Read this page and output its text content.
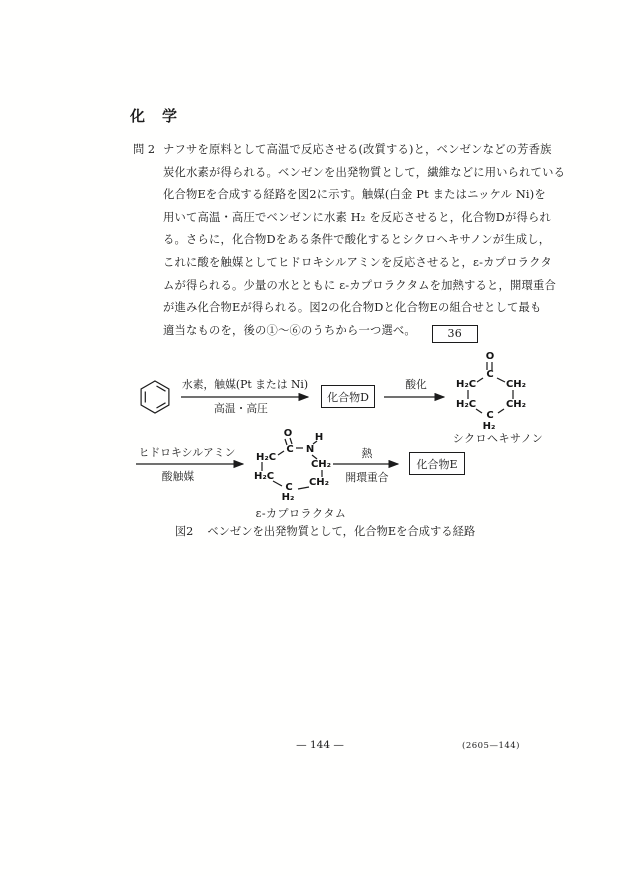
化　学
問 2 ナフサを原料として高温で反応させる(改質する)と，ベンゼンなどの芳香族
炭化水素が得られる。ベンゼンを出発物質として，繊維などに用いられている
化合物Eを合成する経路を図2に示す。触媒(白金 Pt またはニッケル Ni)を
用いて高温・高圧でベンゼンに水素 H₂ を反応させると，化合物Dが得られ
る。さらに，化合物Dをある条件で酸化するとシクロヘキサノンが生成し，
これに酸を触媒としてヒドロキシルアミンを反応させると，ε-カプロラクタ
ムが得られる。少量の水とともに ε-カプロラクタムを加熱すると，開環重合
が進み化合物Eが得られる。図2の化合物Dと化合物Eの組合せとして最も
適当なものを，後の①～⑥のうちから一つ選べ。	36
水素，触媒(Pt または Ni)
高温・高圧
酸化
O
C
H₂C	CH₂
H₂C	CH₂
C
H₂
ヒドロキシルアミン
酸触媒
O
C N
H
H₂C
CH₂
H₂C
CH₂
C
H₂
熱
開環重合
化合物D
化合物E
シクロヘキサノン
ε-カプロラクタム
図2 ベンゼンを出発物質として，化合物Eを合成する経路
— 144 —	(2605—144)
